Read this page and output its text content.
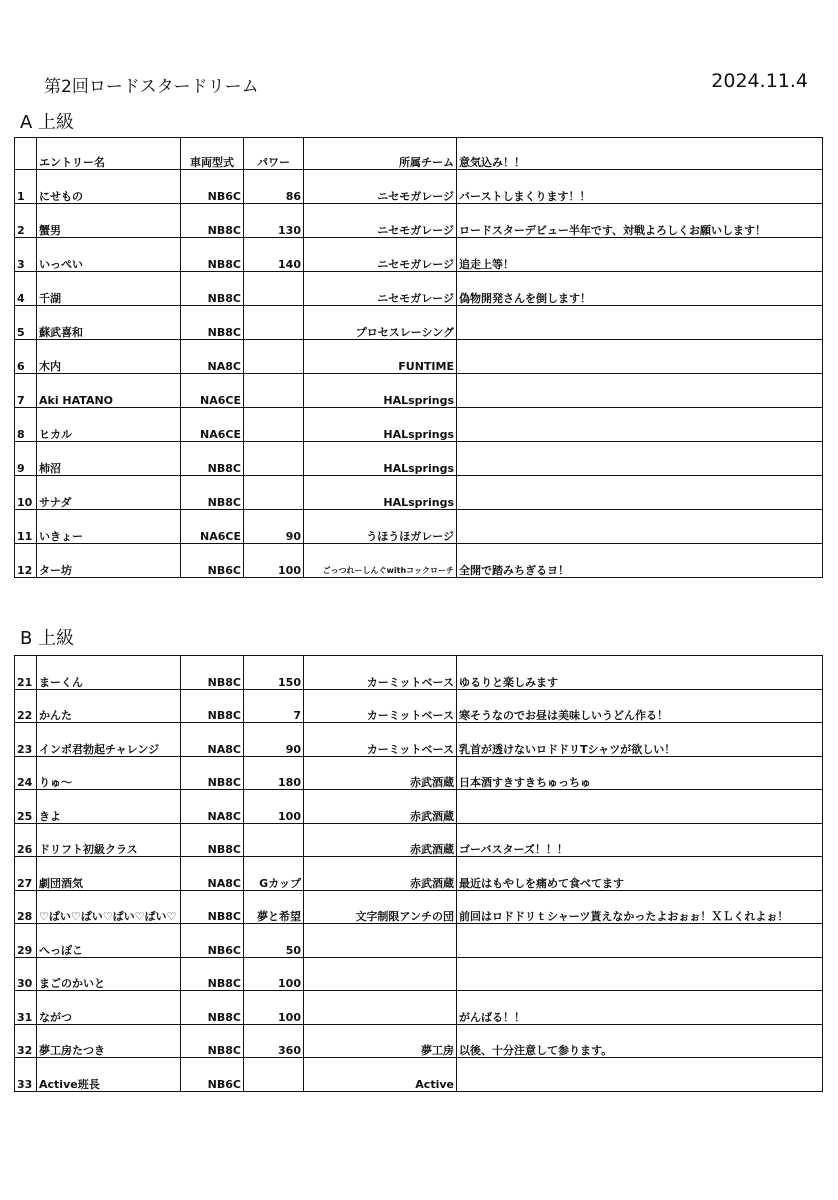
第2回ロードスタードリーム	2024.11.4
A 上級
	エントリー名	車両型式	パワー	所属チーム	意気込み！！
1	にせもの	NB6C	86	ニセモガレージ	バーストしまくります！！
2	蟹男	NB8C	130	ニセモガレージ	ロードスターデビュー半年です、対戦よろしくお願いします！
3	いっぺい	NB8C	140	ニセモガレージ	追走上等！
4	千湖	NB8C		ニセモガレージ	偽物開発さんを倒します！
5	蘇武喜和	NB8C		プロセスレーシング	
6	木内	NA8C		FUNTIME	
7	Aki HATANO	NA6CE		HALsprings	
8	ヒカル	NA6CE		HALsprings	
9	柿沼	NB8C		HALsprings	
10	サナダ	NB8C		HALsprings	
11	いきょー	NA6CE	90	うほうほガレージ	
12	ター坊	NB6C	100	ごっつれーしんぐwithコックローチ	全開で踏みちぎるヨ！
B 上級
21	まーくん	NB8C	150	カーミットベース	ゆるりと楽しみます
22	かんた	NB8C	7	カーミットベース	寒そうなのでお昼は美味しいうどん作る！
23	インポ君勃起チャレンジ	NA8C	90	カーミットベース	乳首が透けないロドドリTシャツが欲しい！
24	りゅ～	NB8C	180	赤武酒蔵	日本酒すきすきちゅっちゅ
25	きよ	NA8C	100	赤武酒蔵	
26	ドリフト初級クラス	NB8C		赤武酒蔵	ゴーバスターズ！！！
27	劇団酒気	NA8C	Gカップ	赤武酒蔵	最近はもやしを痛めて食べてます
28	♡ぱい♡ぱい♡ぱい♡ぱい♡	NB8C	夢と希望	文字制限アンチの団	前回はロドドリｔシャーツ貰えなかったよおぉぉ！ＸＬくれよぉ！
29	へっぽこ	NB6C	50		
30	まごのかいと	NB8C	100		
31	ながつ	NB8C	100		がんばる！！
32	夢工房たつき	NB8C	360	夢工房	以後、十分注意して参ります。
33	Active班長	NB6C		Active	
